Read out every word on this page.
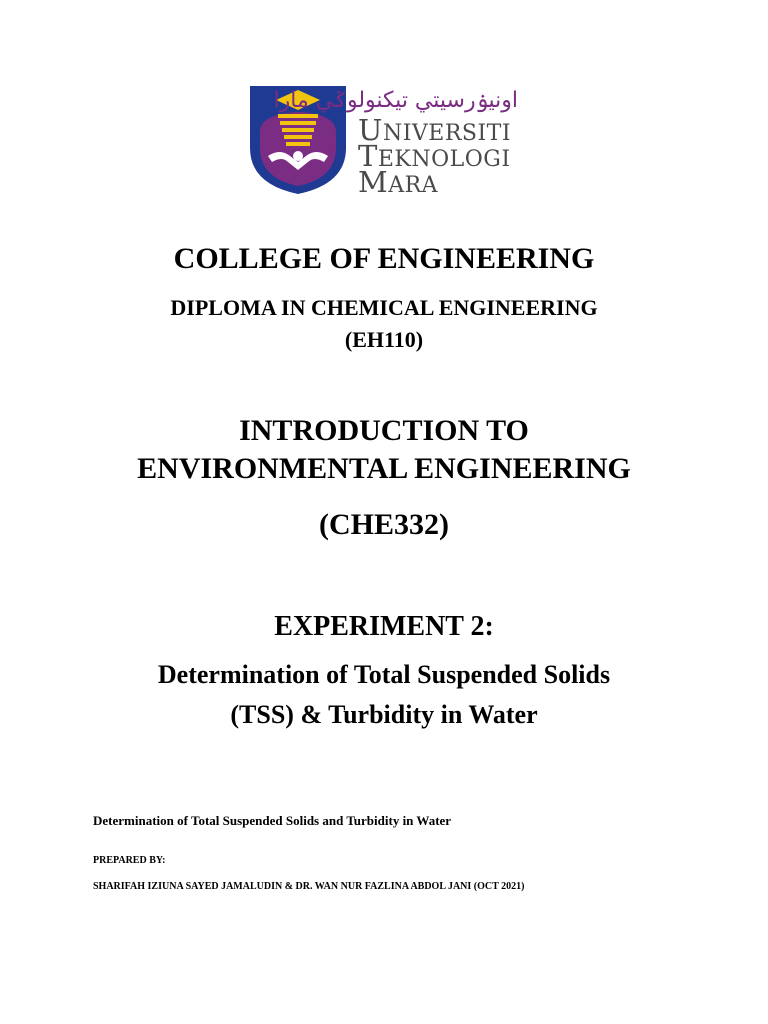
اونيۏرسيتي تيكنولوݢي مارا
UNIVERSITI
TEKNOLOGI
MARA
COLLEGE OF ENGINEERING
DIPLOMA IN CHEMICAL ENGINEERING
(EH110)
INTRODUCTION TO
ENVIRONMENTAL ENGINEERING
(CHE332)
EXPERIMENT 2:
Determination of Total Suspended Solids
(TSS) & Turbidity in Water
Determination of Total Suspended Solids and Turbidity in Water
PREPARED BY:
SHARIFAH IZIUNA SAYED JAMALUDIN & DR. WAN NUR FAZLINA ABDOL JANI (OCT 2021)
